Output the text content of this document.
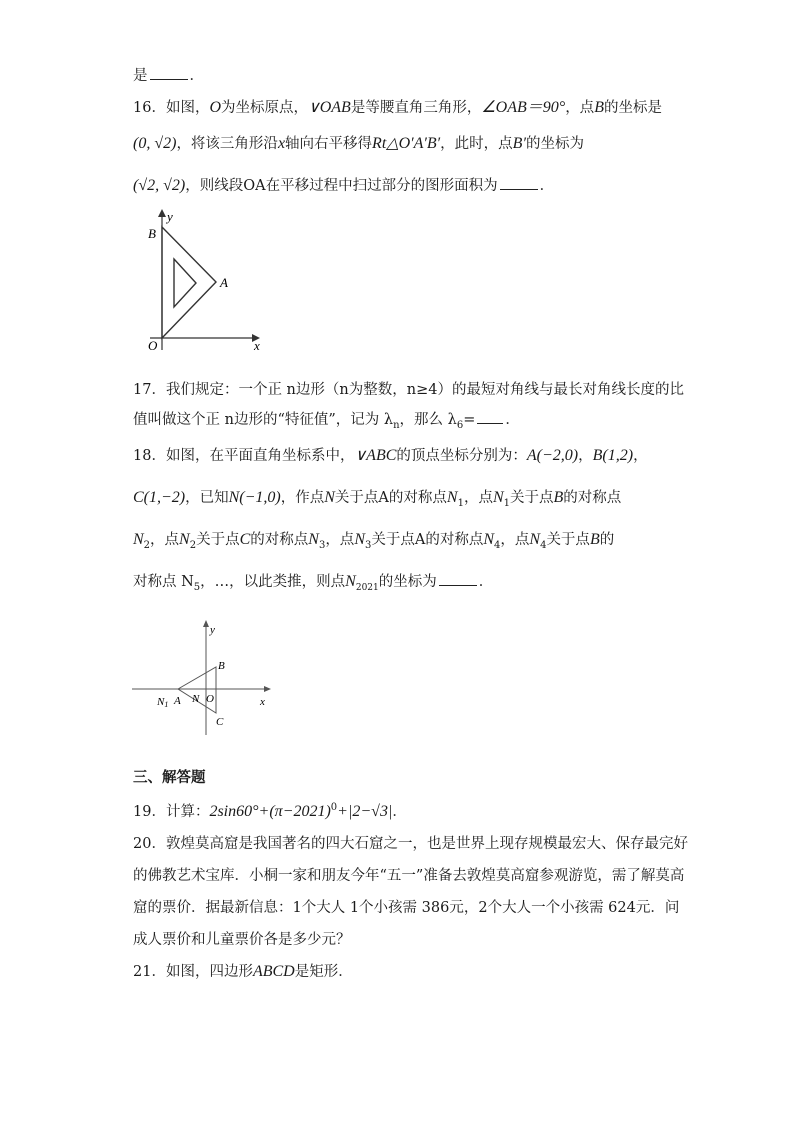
是	．
16．如图，O为坐标原点，∨OAB是等腰直角三角形，∠OAB＝90°，点B的坐标是
(0, √2)，将该三角形沿x轴向右平移得Rt△O′A′B′，此时，点B′的坐标为
(√2, √2)，则线段OA在平移过程中扫过部分的图形面积为	．
y
B
A
O	x
17．我们规定：一个正 n边形（n为整数，n≥4）的最短对角线与最长对角线长度的比
值叫做这个正 n边形的“特征值”，记为 $\lambda_n$，那么 $\lambda_6=$ ．
18．如图，在平面直角坐标系中，∨ABC的顶点坐标分别为：A(−2,0)，B(1,2)，
C(1,−2)，已知N(−1,0)，作点N关于点A的对称点$N_1$，点$N_1$关于点B的对称点
$N_2$，点$N_2$关于点C的对称点$N_3$，点$N_3$关于点A的对称点$N_4$，点$N_4$关于点B的
对称点 $N_5$，…，以此类推，则点$N_{2021}$的坐标为	．
y
B
x
N1 A N O
C
三、解答题
19．计算：$2\sin 60^\circ+(\pi-2021)^0+|2-√3|$．
20．敦煌莫高窟是我国著名的四大石窟之一，也是世界上现存规模最宏大、保存最完好
的佛教艺术宝库．小桐一家和朋友今年“五一”准备去敦煌莫高窟参观游览，需了解莫高
窟的票价．据最新信息：1个大人 1个小孩需 386元，2个大人一个小孩需 624元．问
成人票价和儿童票价各是多少元？
21．如图，四边形ABCD是矩形．
